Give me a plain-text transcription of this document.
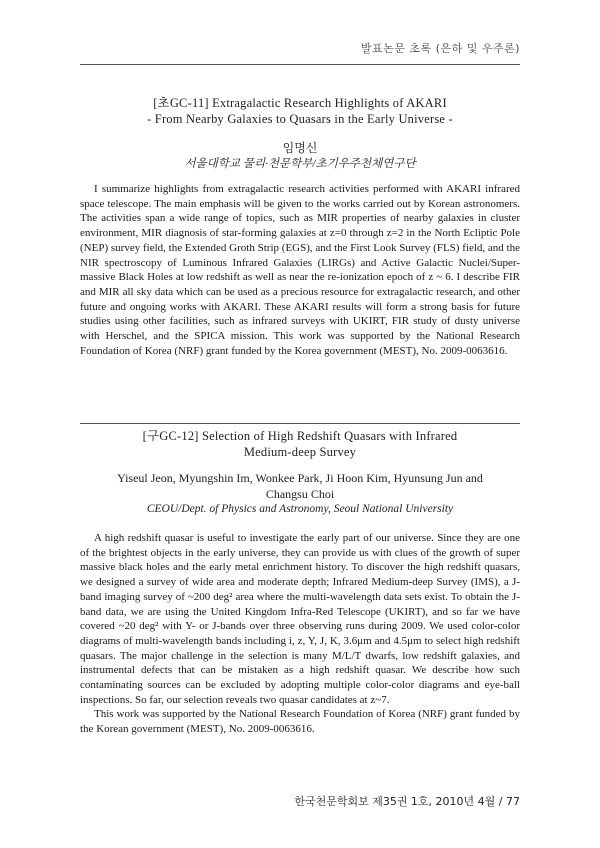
발표논문 초록 (은하 및 우주론)
[초GC-11] Extragalactic Research Highlights of AKARI
- From Nearby Galaxies to Quasars in the Early Universe -
임명신
서울대학교 물리·천문학부/초기우주천체연구단

I summarize highlights from extragalactic research activities performed with AKARI infrared space telescope. The main emphasis will be given to the works carried out by Korean astronomers. The activities span a wide range of topics, such as MIR properties of nearby galaxies in cluster environment, MIR diagnosis of star-forming galaxies at z=0 through z=2 in the North Ecliptic Pole (NEP) survey field, the Extended Groth Strip (EGS), and the First Look Survey (FLS) field, and the NIR spectroscopy of Luminous Infrared Galaxies (LIRGs) and Active Galactic Nuclei/Super-massive Black Holes at low redshift as well as near the re-ionization epoch of z ~ 6. I describe FIR and MIR all sky data which can be used as a precious resource for extragalactic research, and other future and ongoing works with AKARI. These AKARI results will form a strong basis for future studies using other facilities, such as infrared surveys with UKIRT, FIR study of dusty universe with Herschel, and the SPICA mission. This work was supported by the National Research Foundation of Korea (NRF) grant funded by the Korea government (MEST), No. 2009-0063616.

[구GC-12] Selection of High Redshift Quasars with Infrared
Medium-deep Survey
Yiseul Jeon, Myungshin Im, Wonkee Park, Ji Hoon Kim, Hyunsung Jun and
Changsu Choi
CEOU/Dept. of Physics and Astronomy, Seoul National University

A high redshift quasar is useful to investigate the early part of our universe. Since they are one of the brightest objects in the early universe, they can provide us with clues of the growth of super massive black holes and the early metal enrichment history. To discover the high redshift quasars, we designed a survey of wide area and moderate depth; Infrared Medium-deep Survey (IMS), a J-band imaging survey of ~200 deg² area where the multi-wavelength data sets exist. To obtain the J-band data, we are using the United Kingdom Infra-Red Telescope (UKIRT), and so far we have covered ~20 deg² with Y- or J-bands over three observing runs during 2009. We used color-color diagrams of multi-wavelength bands including i, z, Y, J, K, 3.6μm and 4.5μm to select high redshift quasars. The major challenge in the selection is many M/L/T dwarfs, low redshift galaxies, and instrumental defects that can be mistaken as a high redshift quasar. We describe how such contaminating sources can be excluded by adopting multiple color-color diagrams and eye-ball inspections. So far, our selection reveals two quasar candidates at z~7.

This work was supported by the National Research Foundation of Korea (NRF) grant funded by the Korean government (MEST), No. 2009-0063616.

한국천문학회보 제35권 1호, 2010년 4월 / 77
